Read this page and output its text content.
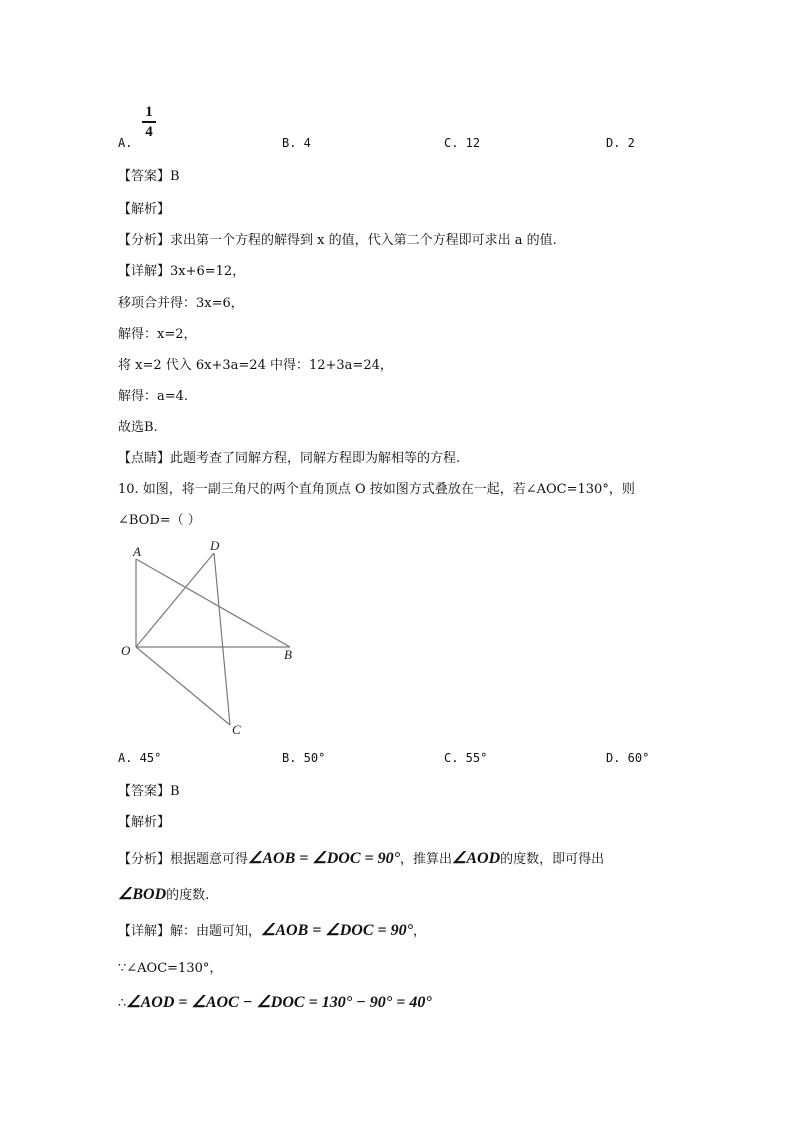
A.
1
4
B. 4	C. 12	D. 2
【答案】B
【解析】
【分析】求出第一个方程的解得到 x 的值，代入第二个方程即可求出 a 的值.
【详解】3x+6=12，
移项合并得：3x=6，
解得：x=2，
将 x=2 代入 6x+3a=24 中得：12+3a=24，
解得：a=4.
故选B.
【点睛】此题考查了同解方程，同解方程即为解相等的方程.
10. 如图，将一副三角尺的两个直角顶点 O 按如图方式叠放在一起，若∠AOC=130°，则
∠BOD=（ ）
A	D
O	B
C
A. 45°	B. 50°	C. 55°	D. 60°
【答案】B
【解析】
【分析】根据题意可得∠AOB = ∠DOC = 90°，推算出∠AOD的度数，即可得出
∠BOD的度数.
【详解】解：由题可知，∠AOB = ∠DOC = 90°，
∵∠AOC=130°，
∴∠AOD = ∠AOC − ∠DOC = 130° − 90° = 40°
